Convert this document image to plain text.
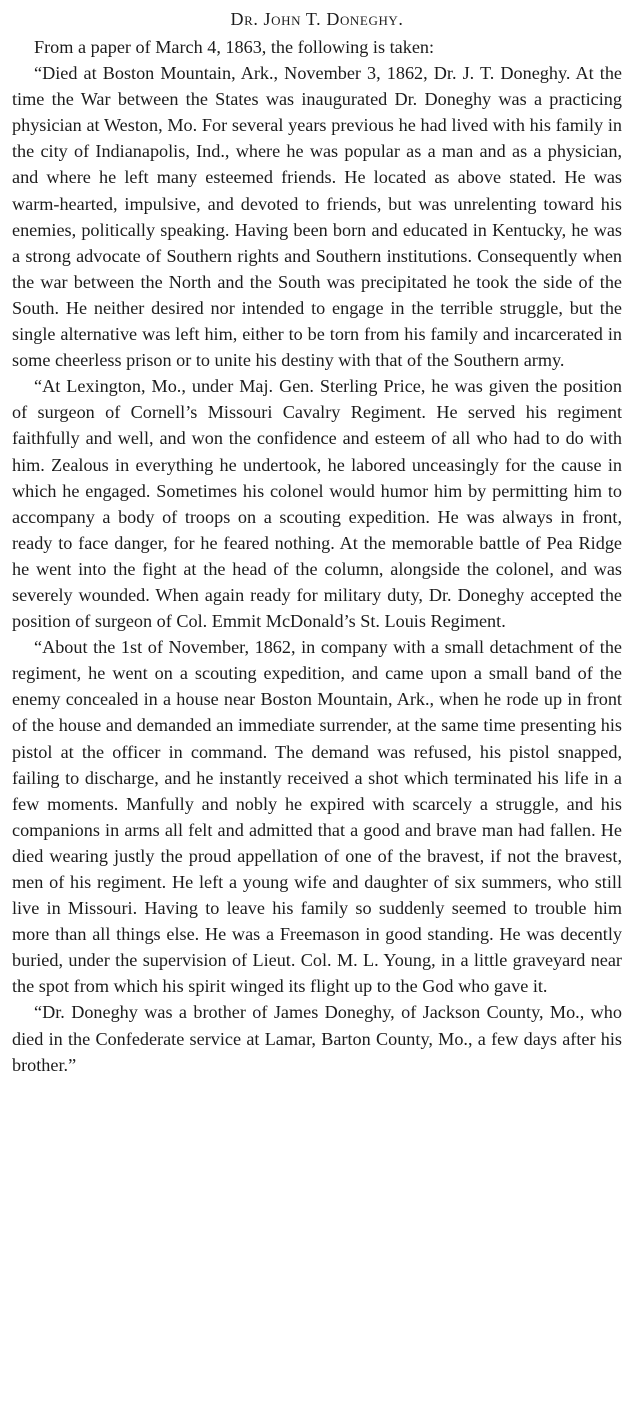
Dr. John T. Doneghy.

From a paper of March 4, 1863, the following is taken:

“Died at Boston Mountain, Ark., November 3, 1862, Dr. J. T. Doneghy. At the time the War between the States was inaugurated Dr. Doneghy was a practicing physician at Weston, Mo. For several years previous he had lived with his family in the city of Indianapolis, Ind., where he was popular as a man and as a physician, and where he left many esteemed friends. He located as above stated. He was warm-hearted, impulsive, and devoted to friends, but was unrelenting toward his enemies, politically speaking. Having been born and educated in Kentucky, he was a strong advocate of Southern rights and Southern institutions. Consequently when the war between the North and the South was precipitated he took the side of the South. He neither desired nor intended to engage in the terrible struggle, but the single alternative was left him, either to be torn from his family and incarcerated in some cheerless prison or to unite his destiny with that of the Southern army.

“At Lexington, Mo., under Maj. Gen. Sterling Price, he was given the position of surgeon of Cornell’s Missouri Cavalry Regiment. He served his regiment faithfully and well, and won the confidence and esteem of all who had to do with him. Zealous in everything he undertook, he labored unceasingly for the cause in which he engaged. Sometimes his colonel would humor him by permitting him to accompany a body of troops on a scouting expedition. He was always in front, ready to face danger, for he feared nothing. At the memorable battle of Pea Ridge he went into the fight at the head of the column, alongside the colonel, and was severely wounded. When again ready for military duty, Dr. Doneghy accepted the position of surgeon of Col. Emmit McDonald’s St. Louis Regiment.

“About the 1st of November, 1862, in company with a small detachment of the regiment, he went on a scouting expedition, and came upon a small band of the enemy concealed in a house near Boston Mountain, Ark., when he rode up in front of the house and demanded an immediate surrender, at the same time presenting his pistol at the officer in command. The demand was refused, his pistol snapped, failing to discharge, and he instantly received a shot which terminated his life in a few moments. Manfully and nobly he expired with scarcely a struggle, and his companions in arms all felt and admitted that a good and brave man had fallen. He died wearing justly the proud appellation of one of the bravest, if not the bravest, men of his regiment. He left a young wife and daughter of six summers, who still live in Missouri. Having to leave his family so suddenly seemed to trouble him more than all things else. He was a Freemason in good standing. He was decently buried, under the supervision of Lieut. Col. M. L. Young, in a little graveyard near the spot from which his spirit winged its flight up to the God who gave it.

“Dr. Doneghy was a brother of James Doneghy, of Jackson County, Mo., who died in the Confederate service at Lamar, Barton County, Mo., a few days after his brother.”
